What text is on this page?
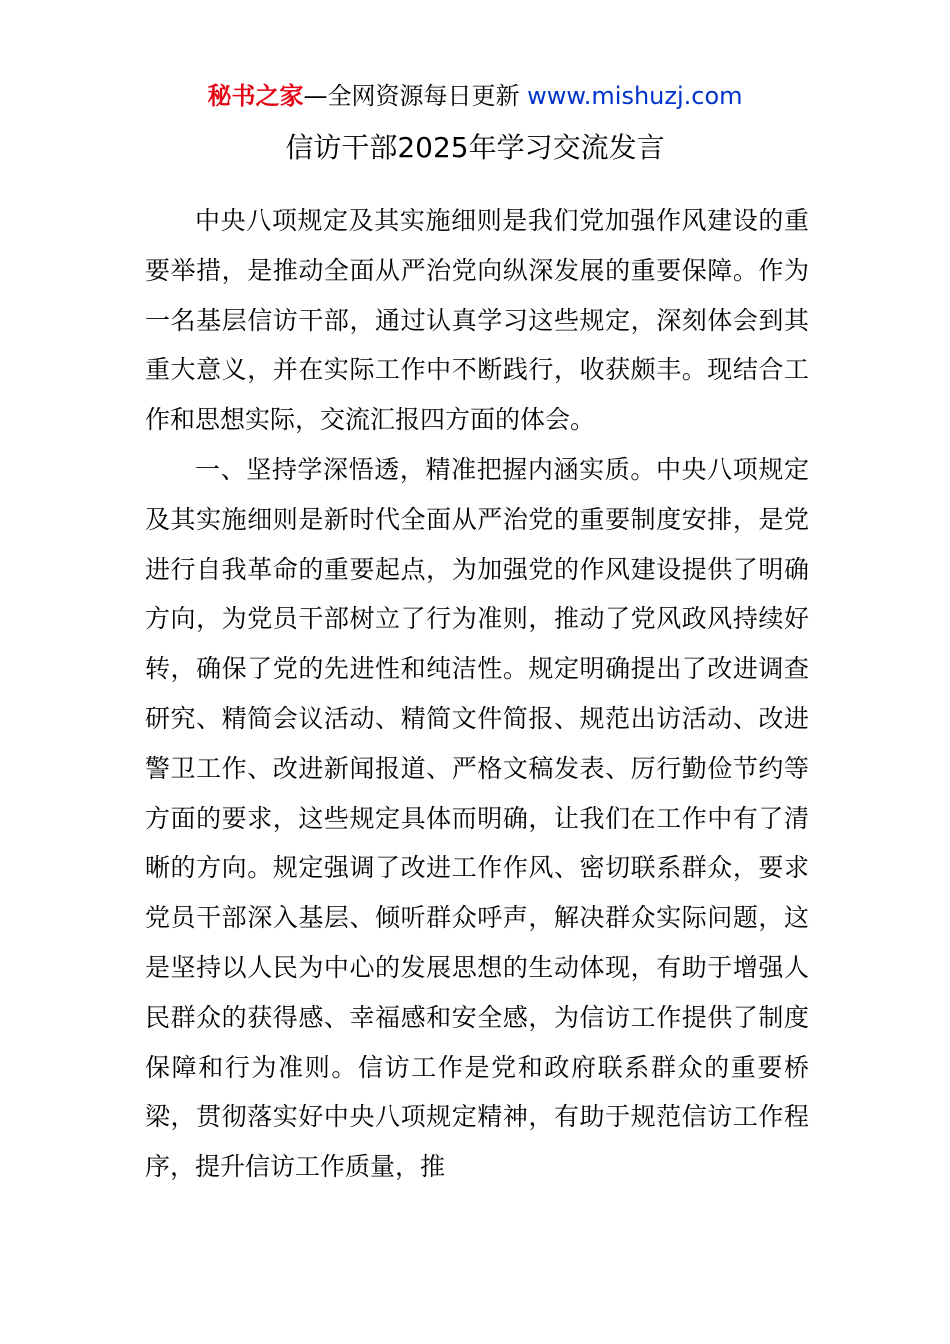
秘书之家—全网资源每日更新 www.mishuzj.com
信访干部2025年学习交流发言

中央八项规定及其实施细则是我们党加强作风建设的重要举措，是推动全面从严治党向纵深发展的重要保障。作为一名基层信访干部，通过认真学习这些规定，深刻体会到其重大意义，并在实际工作中不断践行，收获颇丰。现结合工作和思想实际，交流汇报四方面的体会。

一、坚持学深悟透，精准把握内涵实质。中央八项规定及其实施细则是新时代全面从严治党的重要制度安排，是党进行自我革命的重要起点，为加强党的作风建设提供了明确方向，为党员干部树立了行为准则，推动了党风政风持续好转，确保了党的先进性和纯洁性。规定明确提出了改进调查研究、精简会议活动、精简文件简报、规范出访活动、改进警卫工作、改进新闻报道、严格文稿发表、厉行勤俭节约等方面的要求，这些规定具体而明确，让我们在工作中有了清晰的方向。规定强调了改进工作作风、密切联系群众，要求党员干部深入基层、倾听群众呼声，解决群众实际问题，这是坚持以人民为中心的发展思想的生动体现，有助于增强人民群众的获得感、幸福感和安全感，为信访工作提供了制度保障和行为准则。信访工作是党和政府联系群众的重要桥梁，贯彻落实好中央八项规定精神，有助于规范信访工作程序，提升信访工作质量，推
